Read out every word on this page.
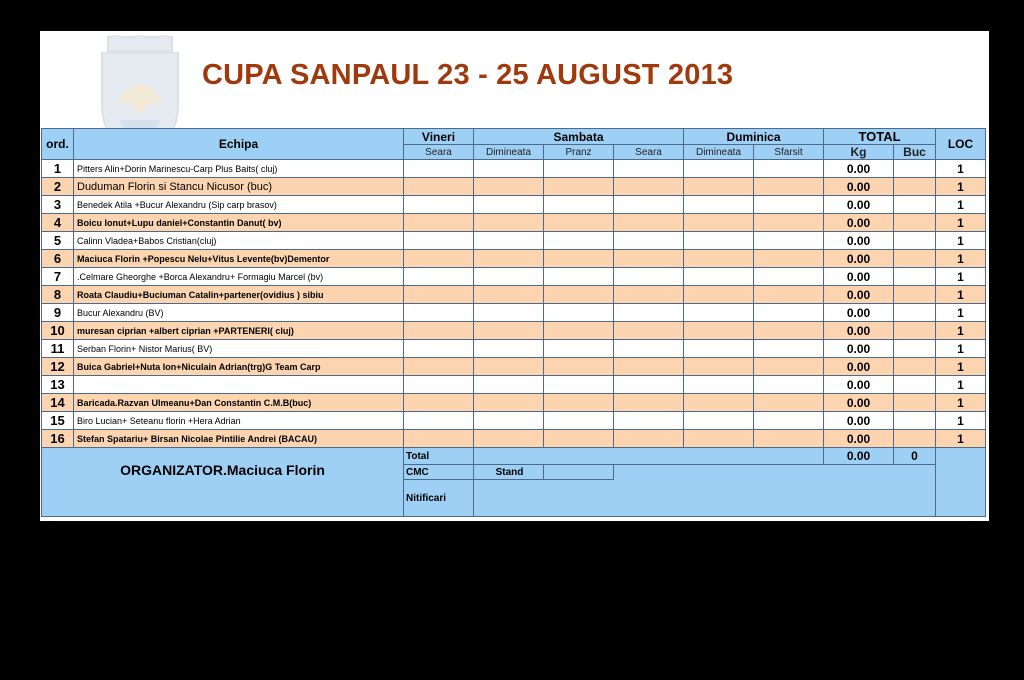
CUPA SANPAUL 23 - 25 AUGUST 2013
ord.	Echipa	Vineri	Sambata			Duminica		TOTAL		LOC
		Seara	Dimineata	Pranz	Seara	Dimineata	Sfarsit	Kg	Buc	
1	Pitters Alin+Dorin Marinescu-Carp Plus Baits( cluj)							0.00		1
2	Duduman Florin si Stancu Nicusor (buc)							0.00		1
3	Benedek Atila +Bucur Alexandru (Sip carp brasov)							0.00		1
4	Boicu Ionut+Lupu daniel+Constantin Danut( bv)							0.00		1
5	Calinn Vladea+Babos Cristian(cluj)							0.00		1
6	Maciuca Florin +Popescu Nelu+Vitus Levente(bv)Dementor							0.00		1
7	.Celmare Gheorghe +Borca Alexandru+ Formagiu Marcel (bv)							0.00		1
8	Roata Claudiu+Buciuman Catalin+partener(ovidius ) sibiu							0.00		1
9	Bucur Alexandru (BV)							0.00		1
10	muresan ciprian +albert ciprian +PARTENERI( cluj)							0.00		1
11	Serban Florin+ Nistor Marius( BV)							0.00		1
12	Buica Gabriel+Nuta Ion+Niculain Adrian(trg)G Team Carp							0.00		1
13								0.00		1
14	Baricada.Razvan Ulmeanu+Dan Constantin C.M.B(buc)							0.00		1
15	Biro Lucian+ Seteanu florin +Hera Adrian							0.00		1
16	Stefan Spatariu+ Birsan Nicolae Pintilie Andrei (BACAU)							0.00		1
ORGANIZATOR.Maciuca Florin		Total						0.00	0	
		CMC	Stand							
		Nitificari								
